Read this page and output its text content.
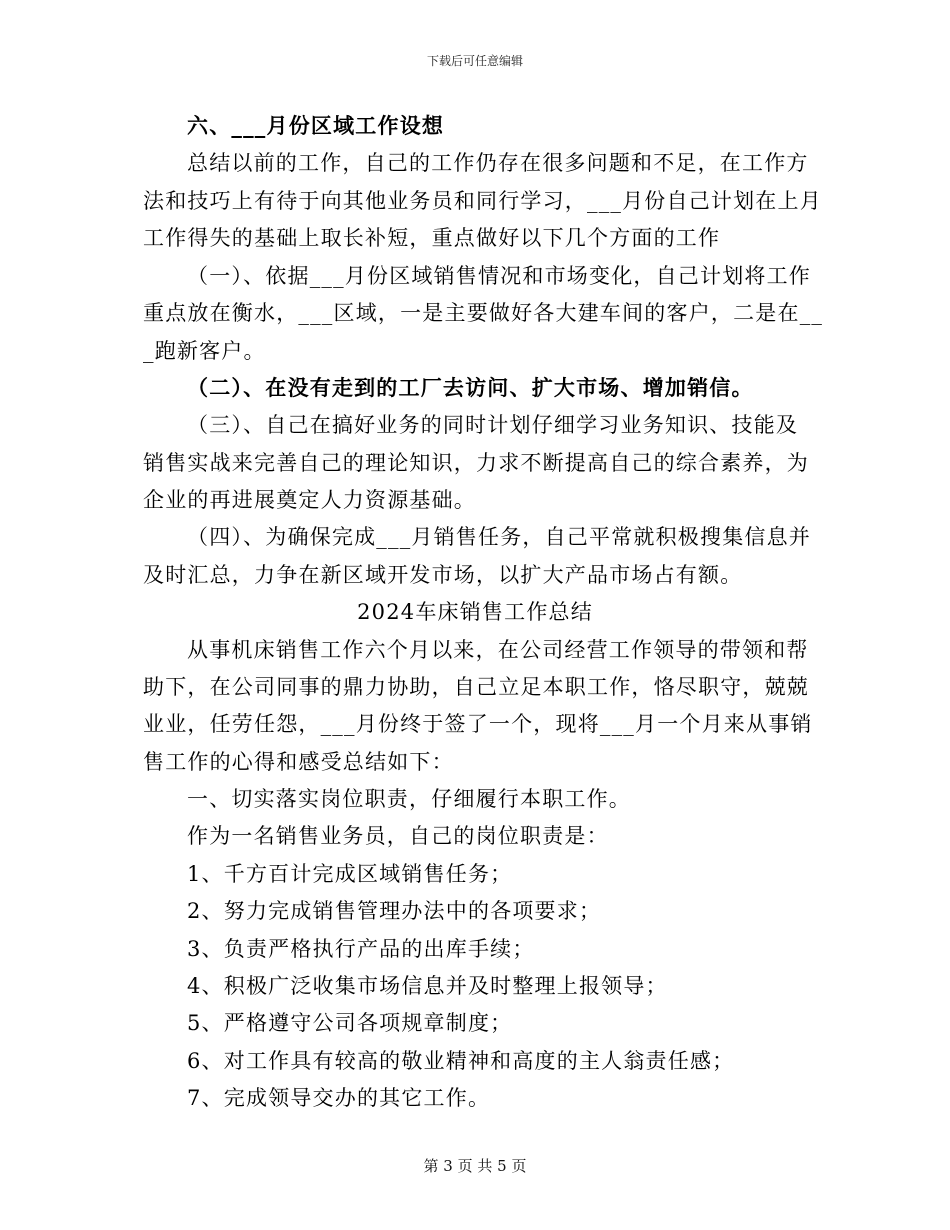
下载后可任意编辑
六、___月份区域工作设想
总结以前的工作，自己的工作仍存在很多问题和不足，在工作方
法和技巧上有待于向其他业务员和同行学习，___月份自己计划在上月
工作得失的基础上取长补短，重点做好以下几个方面的工作
（一）、依据___月份区域销售情况和市场变化，自己计划将工作
重点放在衡水，___区域，一是主要做好各大建车间的客户，二是在__
_跑新客户。
（二）、在没有走到的工厂去访问、扩大市场、增加销信。
（三）、自己在搞好业务的同时计划仔细学习业务知识、技能及
销售实战来完善自己的理论知识，力求不断提高自己的综合素养，为
企业的再进展奠定人力资源基础。
（四）、为确保完成___月销售任务，自己平常就积极搜集信息并
及时汇总，力争在新区域开发市场，以扩大产品市场占有额。
2024车床销售工作总结
从事机床销售工作六个月以来，在公司经营工作领导的带领和帮
助下，在公司同事的鼎力协助，自己立足本职工作，恪尽职守，兢兢
业业，任劳任怨，___月份终于签了一个，现将___月一个月来从事销
售工作的心得和感受总结如下：
一、切实落实岗位职责，仔细履行本职工作。
作为一名销售业务员，自己的岗位职责是：
1、千方百计完成区域销售任务；
2、努力完成销售管理办法中的各项要求；
3、负责严格执行产品的出库手续；
4、积极广泛收集市场信息并及时整理上报领导；
5、严格遵守公司各项规章制度；
6、对工作具有较高的敬业精神和高度的主人翁责任感；
7、完成领导交办的其它工作。
第 3 页 共 5 页
